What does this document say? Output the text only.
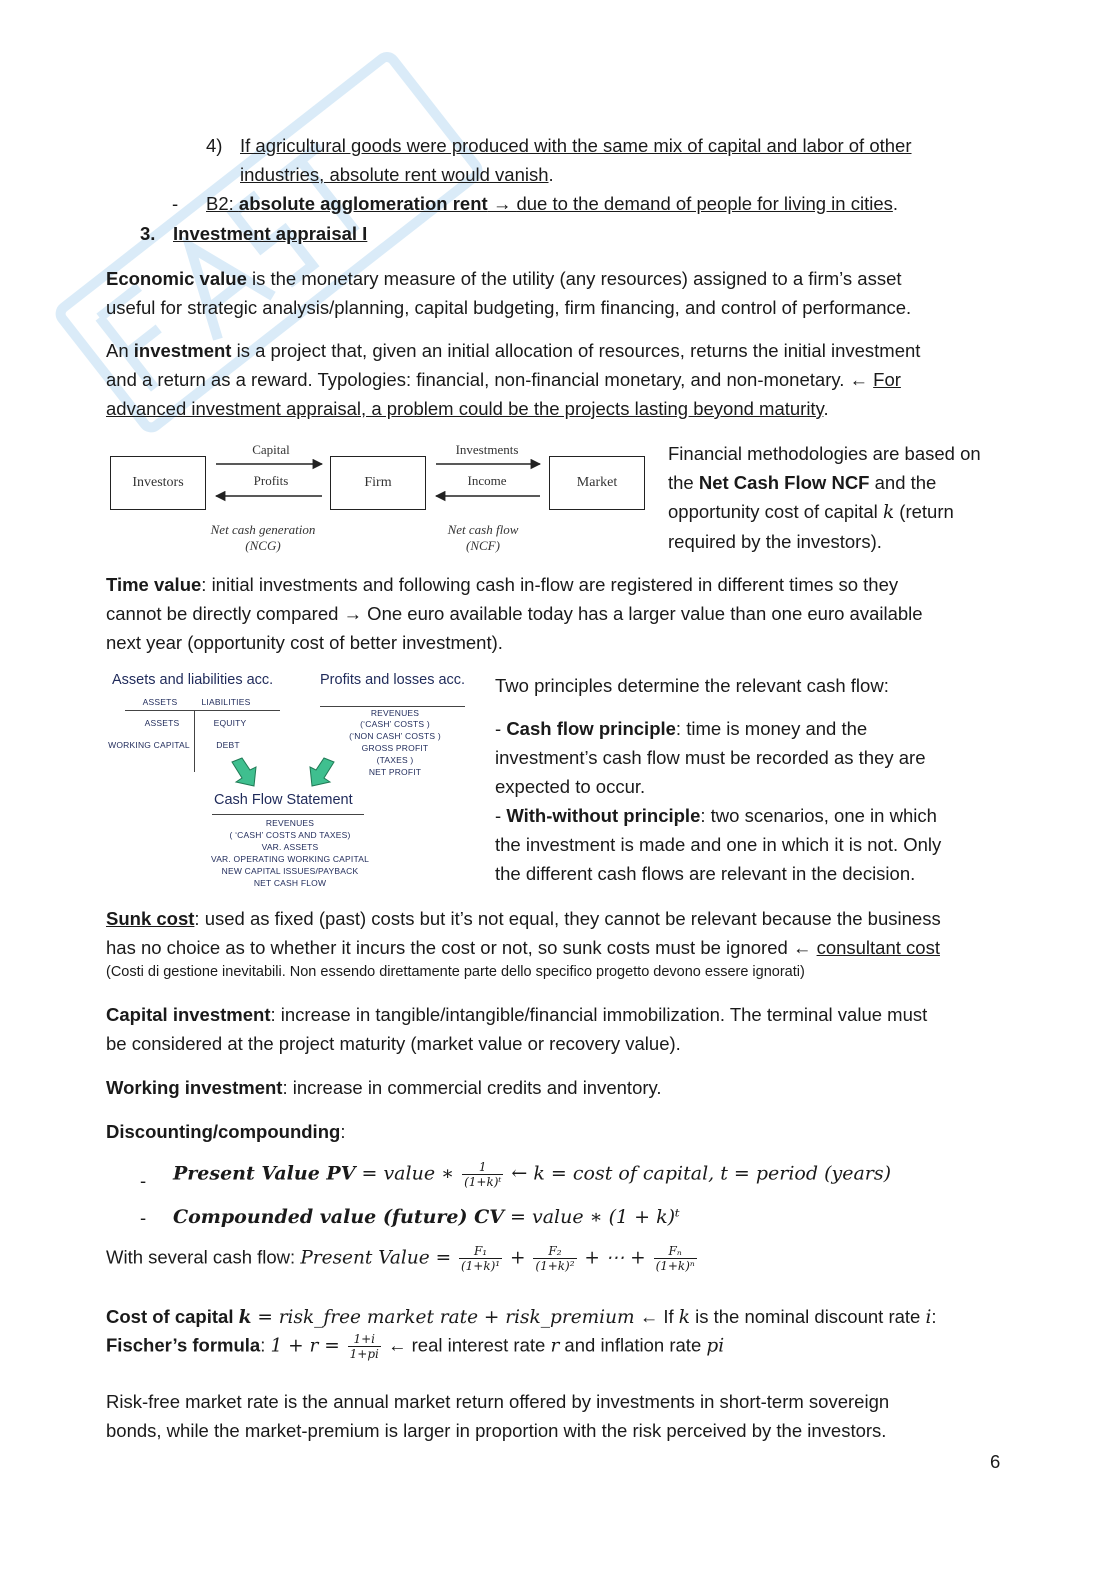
4) If agricultural goods were produced with the same mix of capital and labor of other
industries, absolute rent would vanish.
- B2: absolute agglomeration rent → due to the demand of people for living in cities.
3. Investment appraisal I
Economic value is the monetary measure of the utility (any resources) assigned to a firm’s asset
useful for strategic analysis/planning, capital budgeting, firm financing, and control of performance.
An investment is a project that, given an initial allocation of resources, returns the initial investment
and a return as a reward. Typologies: financial, non-financial monetary, and non-monetary. ← For
advanced investment appraisal, a problem could be the projects lasting beyond maturity.
Investors	Firm	Market
Capital
Profits
Investments
Income
Net cash generation
(NCG)
Net cash flow
(NCF)
Financial methodologies are based on
the Net Cash Flow NCF and the
opportunity cost of capital k (return
required by the investors).
Time value: initial investments and following cash in-flow are registered in different times so they
cannot be directly compared → One euro available today has a larger value than one euro available
next year (opportunity cost of better investment).
Assets and liabilities acc.	Profits and losses acc.
ASSETS	LIABILITIES
ASSETS	EQUITY
WORKING CAPITAL	DEBT
REVENUES
(‘CASH’ COSTS )
(‘NON CASH’ COSTS )
GROSS PROFIT
(TAXES )
NET PROFIT
Cash Flow Statement
REVENUES
( ‘CASH’ COSTS AND TAXES)
VAR. ASSETS
VAR. OPERATING WORKING CAPITAL
NEW CAPITAL ISSUES/PAYBACK
NET CASH FLOW
Two principles determine the relevant cash flow:

- Cash flow principle: time is money and the
investment’s cash flow must be recorded as they are
expected to occur.
- With-without principle: two scenarios, one in which
the investment is made and one in which it is not. Only
the different cash flows are relevant in the decision.
Sunk cost: used as fixed (past) costs but it’s not equal, they cannot be relevant because the business
has no choice as to whether it incurs the cost or not, so sunk costs must be ignored ← consultant cost
(Costi di gestione inevitabili. Non essendo direttamente parte dello specifico progetto devono essere ignorati)
Capital investment: increase in tangible/intangible/financial immobilization. The terminal value must
be considered at the project maturity (market value or recovery value).
Working investment: increase in commercial credits and inventory.
Discounting/compounding:
- Present Value PV = value ∗ $\frac{1}{\text{(1+k)ᵗ}}$ ← k = cost of capital, t = period (years)
- Compounded value (future) CV = value ∗ (1 + k)ᵗ
With several cash flow: Present Value = $\frac{\text{F₁}}{\text{(1+k)¹}} + \frac{\text{F₂}}{\text{(1+k)²}}$ + ⋯ + $\frac{\text{Fₙ}}{\text{(1+k)ⁿ}}$
Cost of capital k = risk_free market rate + risk_premium ← If k is the nominal discount rate i:
Fischer’s formula: $1 + r = \frac{1+i}{1+pi}$ ← real interest rate r and inflation rate pi
Risk-free market rate is the annual market return offered by investments in short-term sovereign
bonds, while the market-premium is larger in proportion with the risk perceived by the investors.
6
